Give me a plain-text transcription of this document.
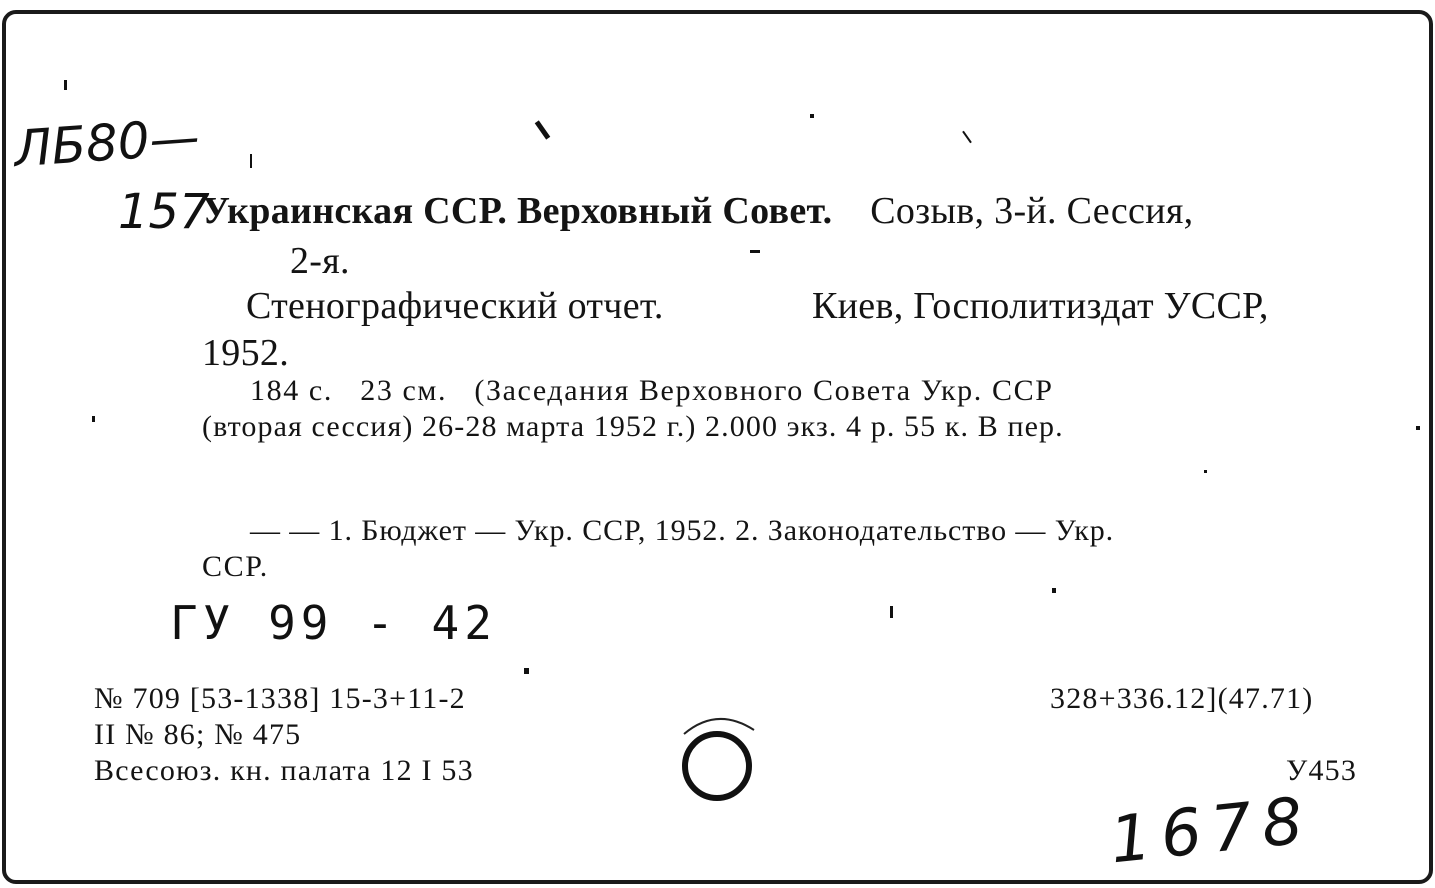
ЛБ80—
157
Украинская ССР. Верховный Совет. Созыв, 3-й. Сессия,
2-я.
Стенографический отчет.	Киев, Госполитиздат УССР,
1952.
184 с.   23 см.   (Заседания Верховного Совета Укр. ССР
(вторая сессия) 26-28 марта 1952 г.) 2.000 экз. 4 р. 55 к. В пер.
— — 1. Бюджет — Укр. ССР, 1952. 2. Законодательство — Укр.
ССР.
ГУ 99 - 42
№ 709 [53-1338] 15-3+11-2
II № 86; № 475
Всесоюз. кн. палата 12 I 53
328+336.12](47.71)
У453
1678
